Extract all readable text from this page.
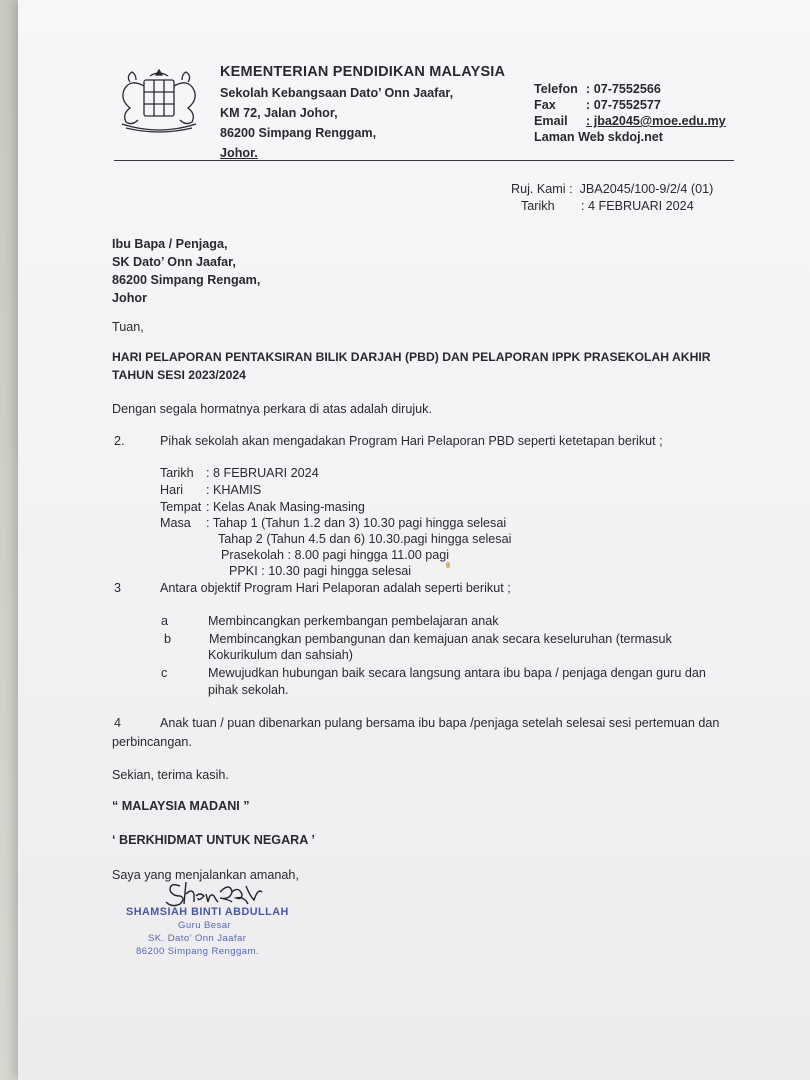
KEMENTERIAN PENDIDIKAN MALAYSIA
Sekolah Kebangsaan Dato’ Onn Jaafar,
KM 72, Jalan Johor,
86200 Simpang Renggam,
Johor.
Telefon : 07-7552566
Fax : 07-7552577
Email : jba2045@moe.edu.my
Laman Web: skdoj.net
Ruj. Kami : JBA2045/100-9/2/4 (01)
Tarikh : 4 FEBRUARI 2024
Ibu Bapa / Penjaga,
SK Dato’ Onn Jaafar,
86200 Simpang Rengam,
Johor
Tuan,
HARI PELAPORAN PENTAKSIRAN BILIK DARJAH (PBD) DAN PELAPORAN IPPK PRASEKOLAH AKHIR
TAHUN SESI 2023/2024
Dengan segala hormatnya perkara di atas adalah dirujuk.
2.	Pihak sekolah akan mengadakan Program Hari Pelaporan PBD seperti ketetapan berikut ;
Tarikh : 8 FEBRUARI 2024
Hari : KHAMIS
Tempat : Kelas Anak Masing-masing
Masa : Tahap 1 (Tahun 1.2 dan 3) 10.30 pagi hingga selesai
Tahap 2 (Tahun 4.5 dan 6) 10.30.pagi hingga selesai
Prasekolah : 8.00 pagi hingga 11.00 pagi
PPKI : 10.30 pagi hingga selesai
3	Antara objektif Program Hari Pelaporan adalah seperti berikut ;
a	Membincangkan perkembangan pembelajaran anak
b	Membincangkan pembangunan dan kemajuan anak secara keseluruhan (termasuk
Kokurikulum dan sahsiah)
c	Mewujudkan hubungan baik secara langsung antara ibu bapa / penjaga dengan guru dan
pihak sekolah.
4	Anak tuan / puan dibenarkan pulang bersama ibu bapa /penjaga setelah selesai sesi pertemuan dan
perbincangan.
Sekian, terima kasih.
“ MALAYSIA MADANI ”
‘ BERKHIDMAT UNTUK NEGARA ’
Saya yang menjalankan amanah,
SHAMSIAH BINTI ABDULLAH
Guru Besar
SK. Dato’ Onn Jaafar
86200 Simpang Renggam.
